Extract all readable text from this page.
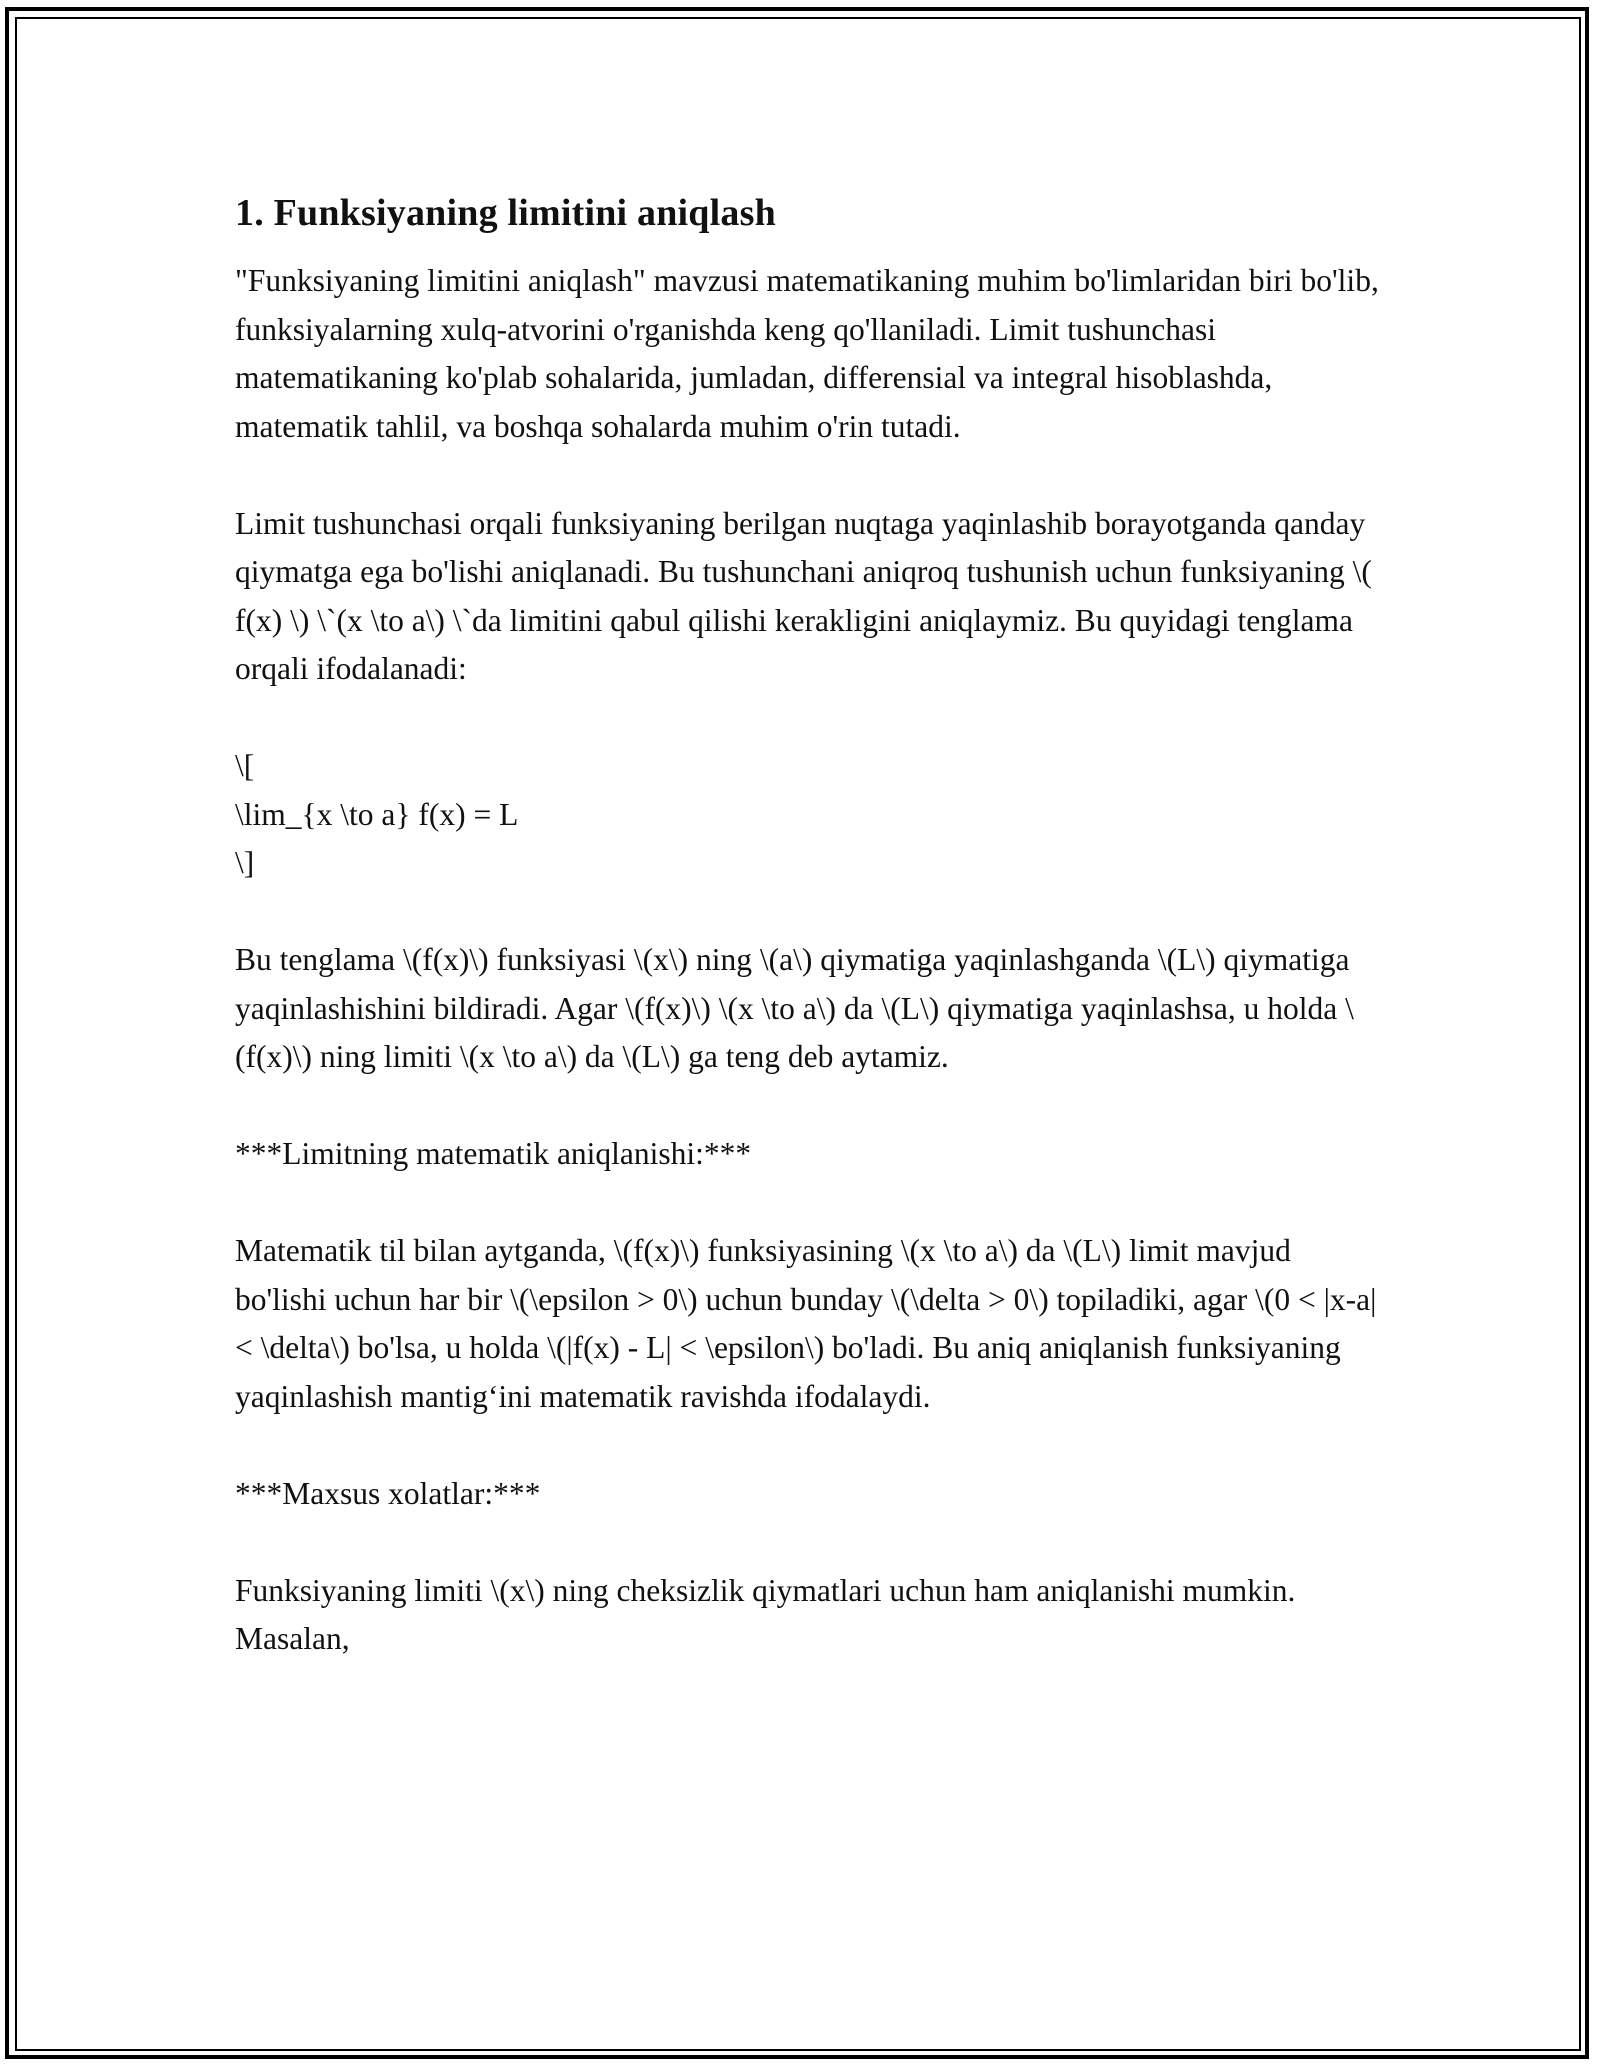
1. Funksiyaning limitini aniqlash

"Funksiyaning limitini aniqlash" mavzusi matematikaning muhim bo'limlaridan biri bo'lib, funksiyalarning xulq-atvorini o'rganishda keng qo'llaniladi. Limit tushunchasi matematikaning ko'plab sohalarida, jumladan, differensial va integral hisoblashda, matematik tahlil, va boshqa sohalarda muhim o'rin tutadi.

Limit tushunchasi orqali funksiyaning berilgan nuqtaga yaqinlashib borayotganda qanday qiymatga ega bo'lishi aniqlanadi. Bu tushunchani aniqroq tushunish uchun funksiyaning \( f(x) \) \`(x \to a\) \`da limitini qabul qilishi kerakligini aniqlaymiz. Bu quyidagi tenglama orqali ifodalanadi:

\[
\lim_{x \to a} f(x) = L
\]

Bu tenglama \(f(x)\) funksiyasi \(x\) ning \(a\) qiymatiga yaqinlashganda \(L\) qiymatiga yaqinlashishini bildiradi. Agar \(f(x)\) \(x \to a\) da \(L\) qiymatiga yaqinlashsa, u holda \(f(x)\) ning limiti \(x \to a\) da \(L\) ga teng deb aytamiz.

***Limitning matematik aniqlanishi:***

Matematik til bilan aytganda, \(f(x)\) funksiyasining \(x \to a\) da \(L\) limit mavjud bo'lishi uchun har bir \(\epsilon > 0\) uchun bunday \(\delta > 0\) topiladiki, agar \(0 < |x-a| < \delta\) bo'lsa, u holda \(|f(x) - L| < \epsilon\) bo'ladi. Bu aniq aniqlanish funksiyaning yaqinlashish mantig‘ini matematik ravishda ifodalaydi.

***Maxsus xolatlar:***

Funksiyaning limiti \(x\) ning cheksizlik qiymatlari uchun ham aniqlanishi mumkin. Masalan,
